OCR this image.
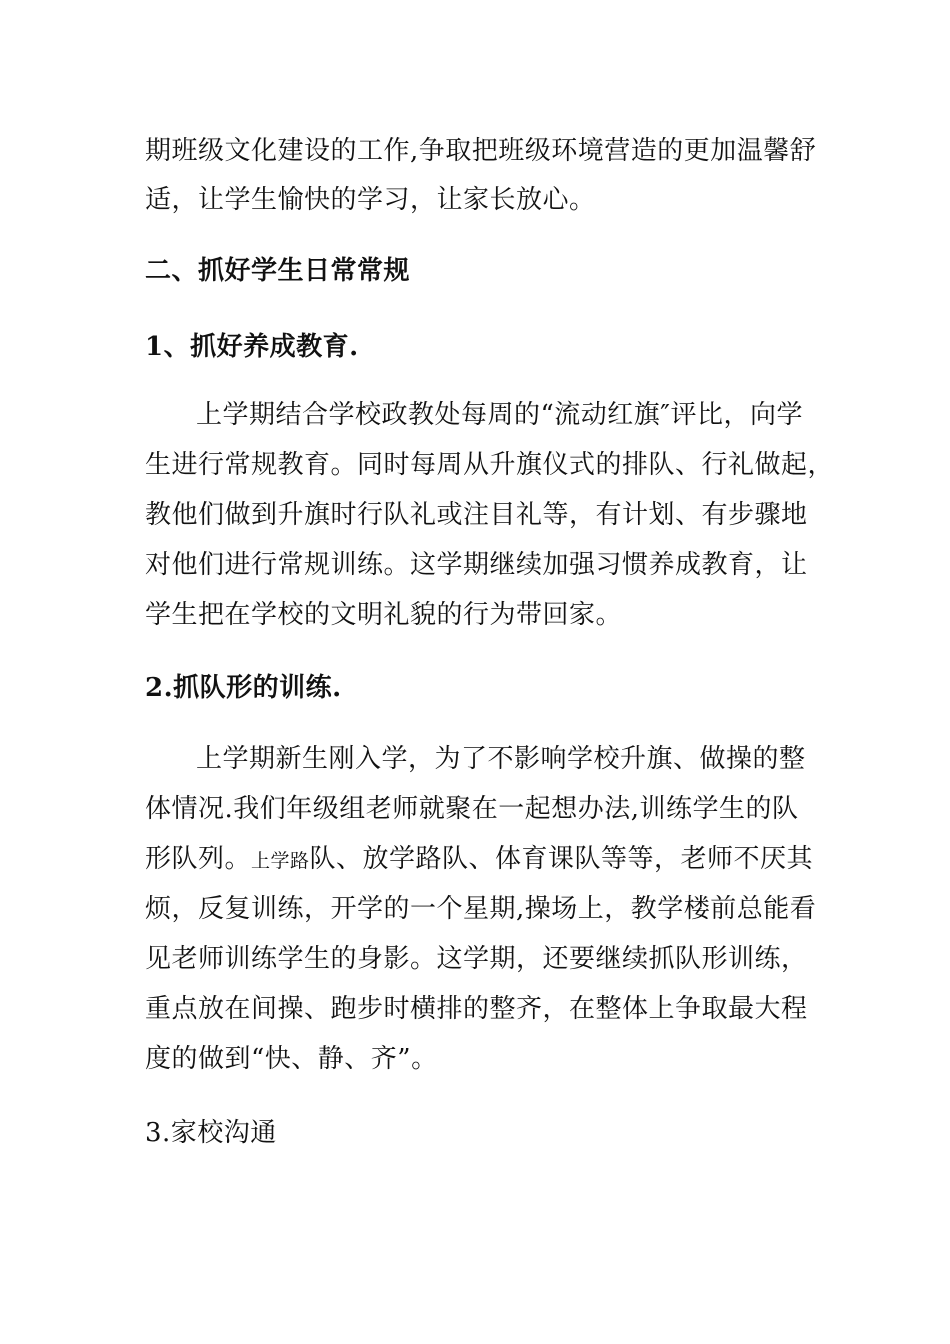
期班级文化建设的工作,争取把班级环境营造的更加温馨舒
适，让学生愉快的学习，让家长放心。
二、抓好学生日常常规
1、抓好养成教育.
上学期结合学校政教处每周的“流动红旗″评比，向学
生进行常规教育。同时每周从升旗仪式的排队、行礼做起，
教他们做到升旗时行队礼或注目礼等，有计划、有步骤地
对他们进行常规训练。这学期继续加强习惯养成教育，让
学生把在学校的文明礼貌的行为带回家。
2.抓队形的训练.
上学期新生刚入学，为了不影响学校升旗、做操的整
体情况.我们年级组老师就聚在一起想办法,训练学生的队
形队列。上学路队、放学路队、体育课队等等，老师不厌其
烦，反复训练，开学的一个星期,操场上，教学楼前总能看
见老师训练学生的身影。这学期，还要继续抓队形训练，
重点放在间操、跑步时横排的整齐，在整体上争取最大程
度的做到“快、静、齐”。
3.家校沟通
